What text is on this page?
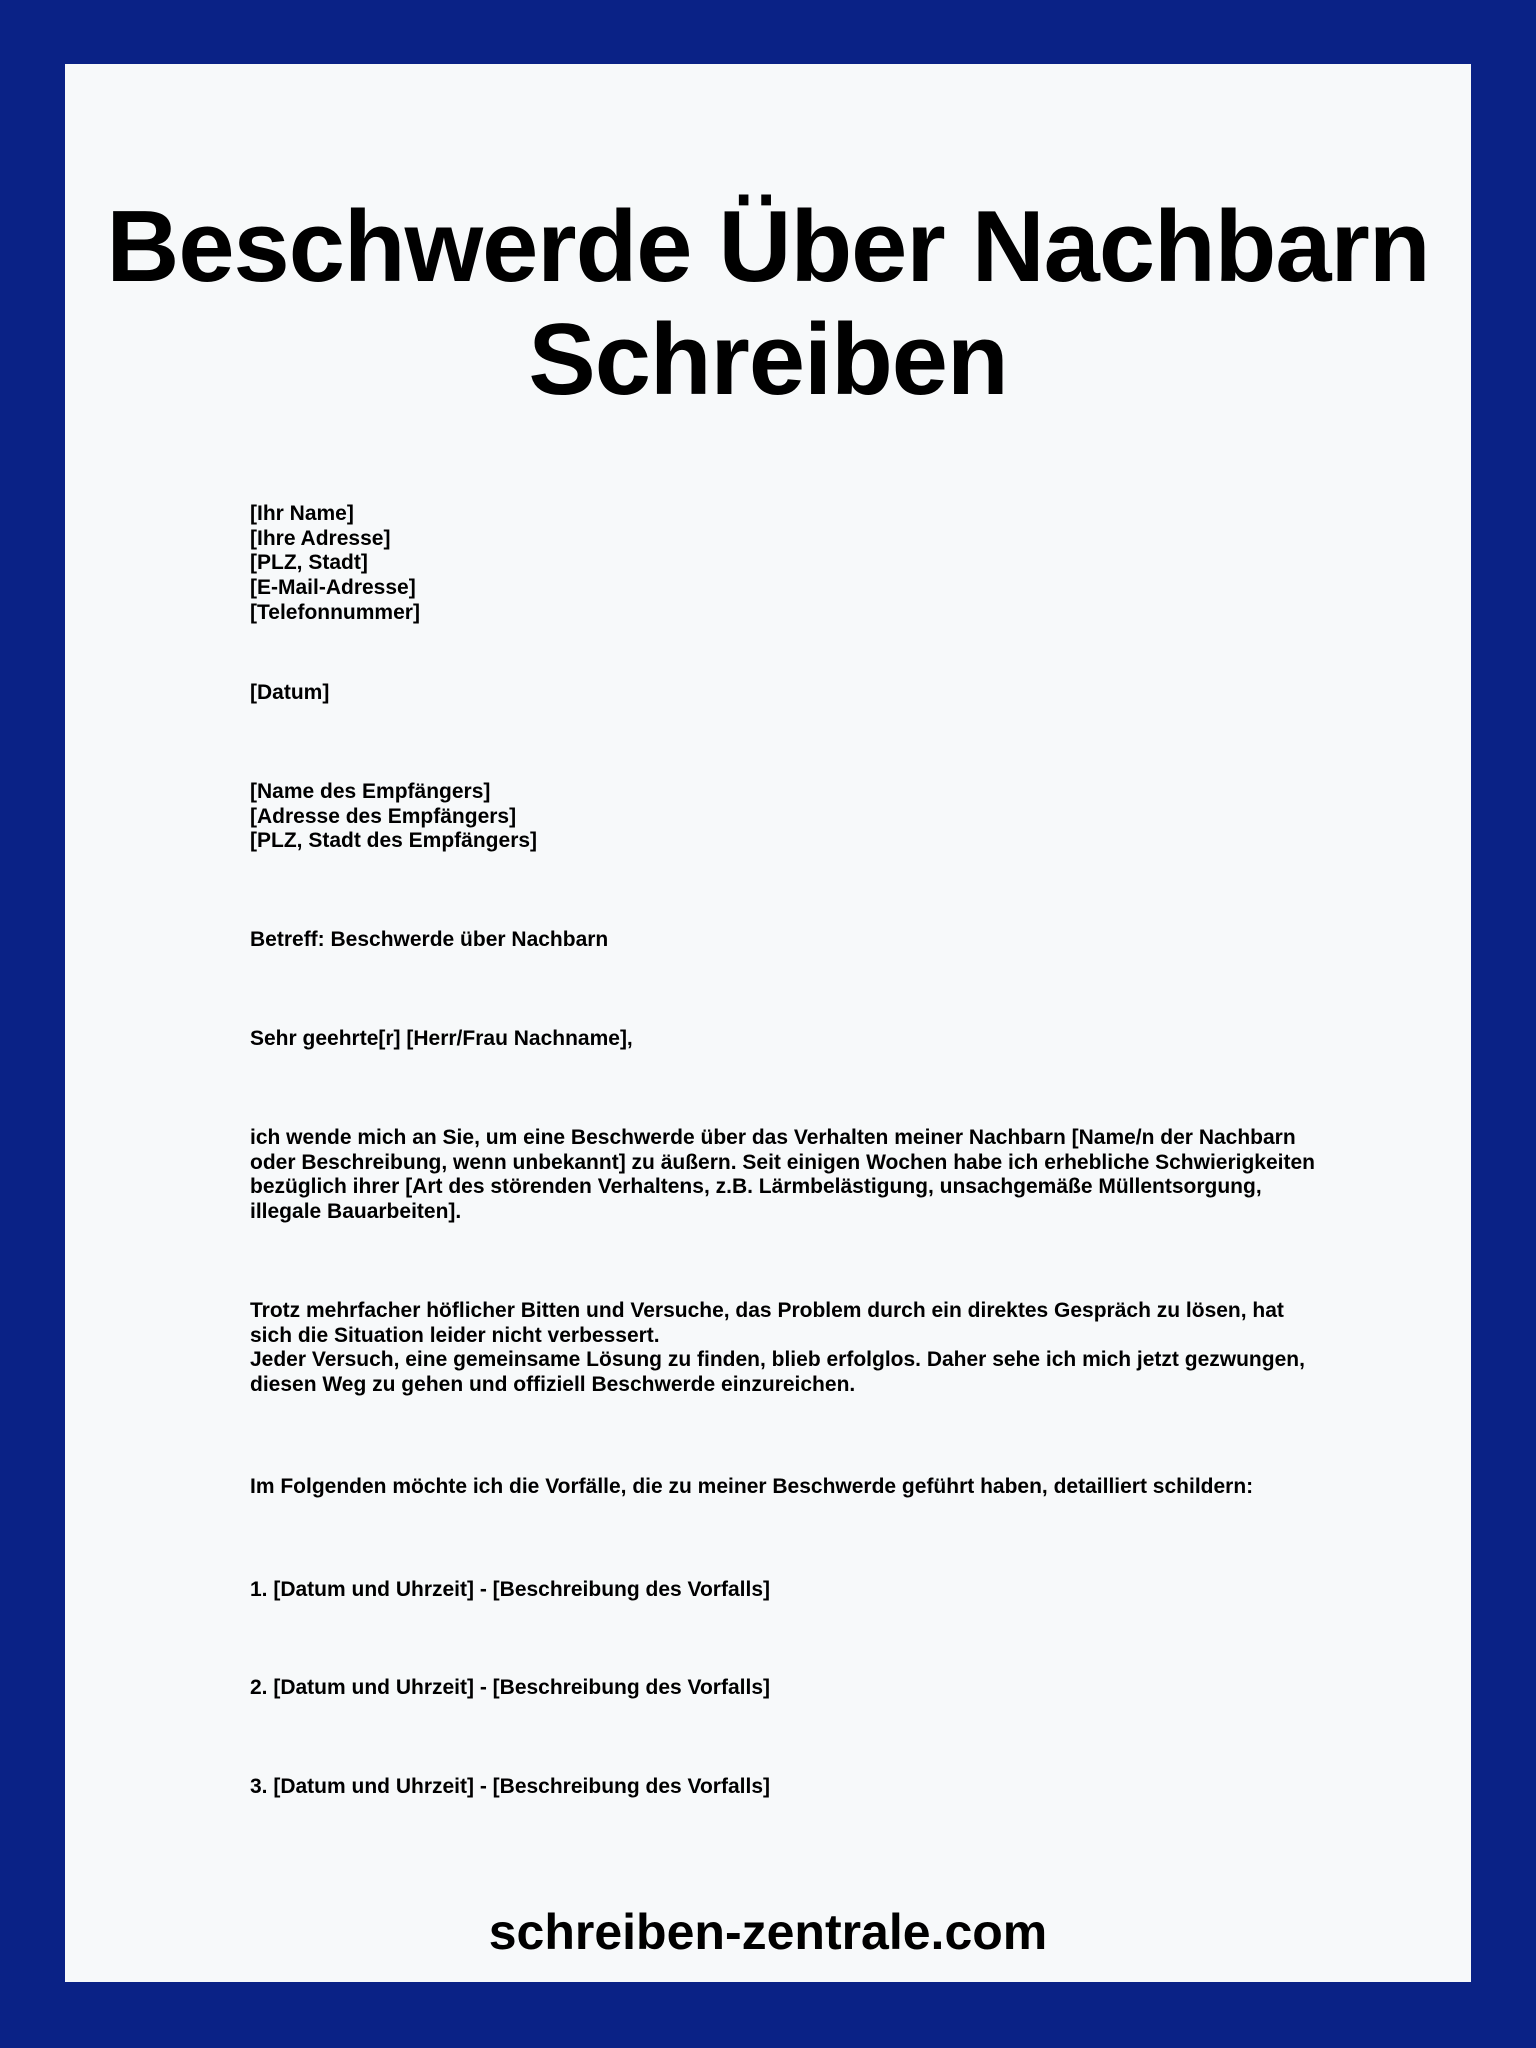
Beschwerde Über Nachbarn
Schreiben
[Ihr Name]
[Ihre Adresse]
[PLZ, Stadt]
[E-Mail-Adresse]
[Telefonnummer]
[Datum]
[Name des Empfängers]
[Adresse des Empfängers]
[PLZ, Stadt des Empfängers]
Betreff: Beschwerde über Nachbarn
Sehr geehrte[r] [Herr/Frau Nachname],
ich wende mich an Sie, um eine Beschwerde über das Verhalten meiner Nachbarn [Name/n der Nachbarn
oder Beschreibung, wenn unbekannt] zu äußern. Seit einigen Wochen habe ich erhebliche Schwierigkeiten
bezüglich ihrer [Art des störenden Verhaltens, z.B. Lärmbelästigung, unsachgemäße Müllentsorgung,
illegale Bauarbeiten].
Trotz mehrfacher höflicher Bitten und Versuche, das Problem durch ein direktes Gespräch zu lösen, hat
sich die Situation leider nicht verbessert.
Jeder Versuch, eine gemeinsame Lösung zu finden, blieb erfolglos. Daher sehe ich mich jetzt gezwungen,
diesen Weg zu gehen und offiziell Beschwerde einzureichen.
Im Folgenden möchte ich die Vorfälle, die zu meiner Beschwerde geführt haben, detailliert schildern:
1. [Datum und Uhrzeit] - [Beschreibung des Vorfalls]
2. [Datum und Uhrzeit] - [Beschreibung des Vorfalls]
3. [Datum und Uhrzeit] - [Beschreibung des Vorfalls]
schreiben-zentrale.com
